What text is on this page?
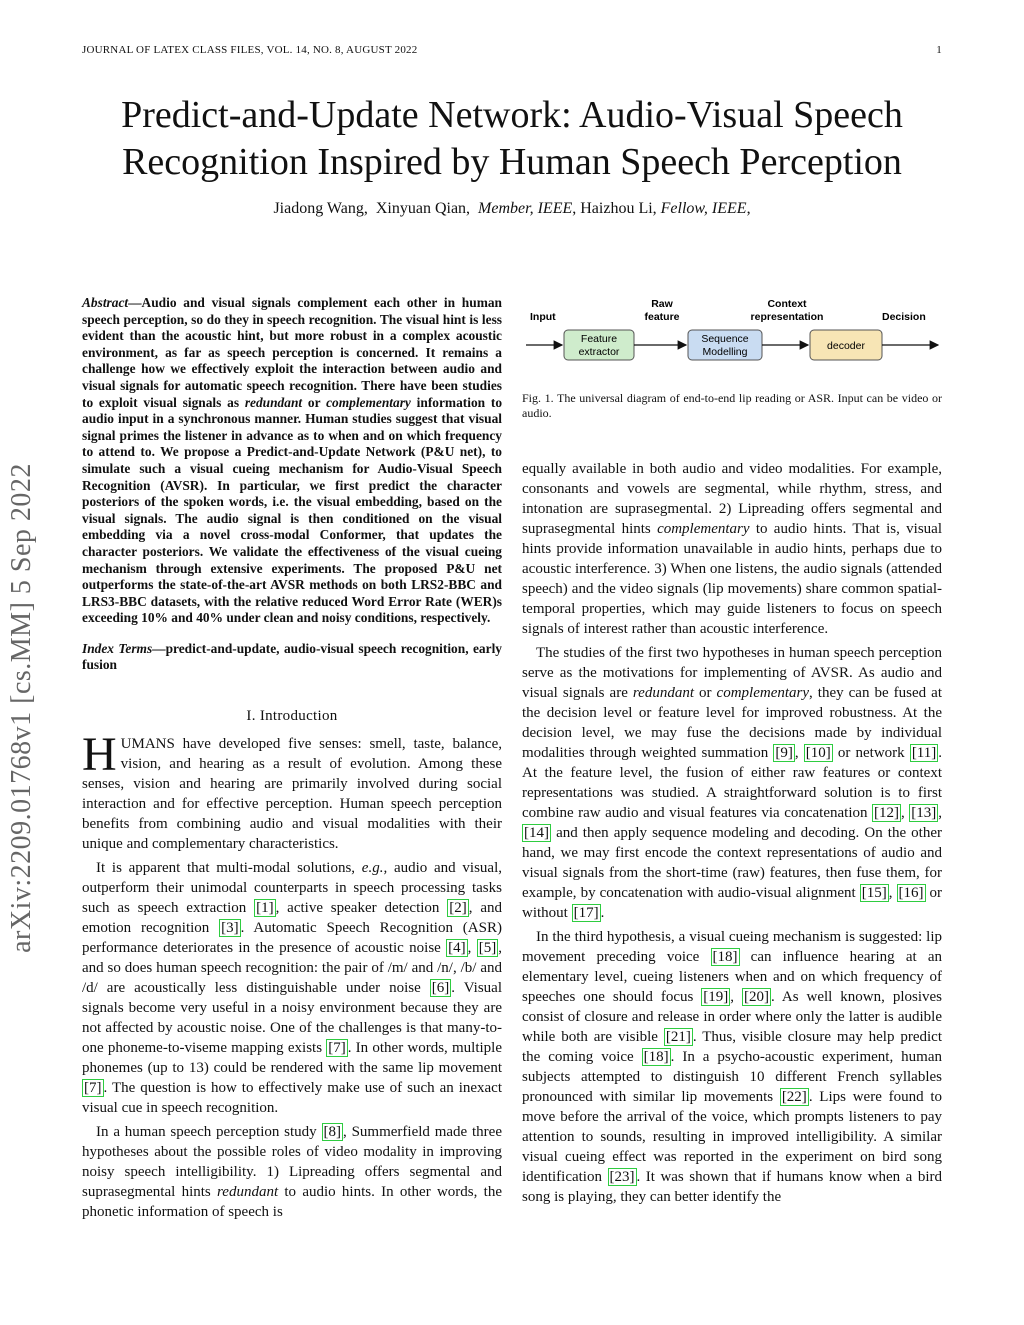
JOURNAL OF LATEX CLASS FILES, VOL. 14, NO. 8, AUGUST 2022	1
Predict-and-Update Network: Audio-Visual Speech
Recognition Inspired by Human Speech Perception
Jiadong Wang, Xinyuan Qian, Member, IEEE, Haizhou Li, Fellow, IEEE,
arXiv:2209.01768v1 [cs.MM] 5 Sep 2022
Abstract—Audio and visual signals complement each other in human speech perception, so do they in speech recognition. The visual hint is less evident than the acoustic hint, but more robust in a complex acoustic environment, as far as speech perception is concerned. It remains a challenge how we effectively exploit the interaction between audio and visual signals for automatic speech recognition. There have been studies to exploit visual signals as redundant or complementary information to audio input in a synchronous manner. Human studies suggest that visual signal primes the listener in advance as to when and on which frequency to attend to. We propose a Predict-and-Update Network (P&U net), to simulate such a visual cueing mechanism for Audio-Visual Speech Recognition (AVSR). In particular, we first predict the character posteriors of the spoken words, i.e. the visual embedding, based on the visual signals. The audio signal is then conditioned on the visual embedding via a novel cross-modal Conformer, that updates the character posteriors. We validate the effectiveness of the visual cueing mechanism through extensive experiments. The proposed P&U net outperforms the state-of-the-art AVSR methods on both LRS2-BBC and LRS3-BBC datasets, with the relative reduced Word Error Rate (WER)s exceeding 10% and 40% under clean and noisy conditions, respectively.
Index Terms—predict-and-update, audio-visual speech recognition, early fusion
I. Introduction
HUMANS have developed five senses: smell, taste, balance, vision, and hearing as a result of evolution. Among these senses, vision and hearing are primarily involved during social interaction and for effective perception. Human speech perception benefits from combining audio and visual modalities with their unique and complementary characteristics.
It is apparent that multi-modal solutions, e.g., audio and visual, outperform their unimodal counterparts in speech processing tasks such as speech extraction [1] , active speaker detection [2] , and emotion recognition [3] . Automatic Speech Recognition (ASR) performance deteriorates in the presence of acoustic noise [4] , [5] , and so does human speech recognition: the pair of /m/ and /n/, /b/ and /d/ are acoustically less distinguishable under noise [6] . Visual signals become very useful in a noisy environment because they are not affected by acoustic noise. One of the challenges is that many-to-one phoneme-to-viseme mapping exists [7] . In other words, multiple phonemes (up to 13) could be rendered with the same lip movement [7] . The question is how to effectively make use of such an inexact visual cue in speech recognition.
In a human speech perception study [8] , Summerfield made three hypotheses about the possible roles of video modality in improving noisy speech intelligibility. 1) Lipreading offers segmental and suprasegmental hints redundant to audio hints. In other words, the phonetic information of speech is
Input
Raw
feature
Context
representation	Decision
Feature
extractor
Sequence
Modelling	decoder
Fig. 1. The universal diagram of end-to-end lip reading or ASR. Input can be video or audio.
equally available in both audio and video modalities. For example, consonants and vowels are segmental, while rhythm, stress, and intonation are suprasegmental. 2) Lipreading offers segmental and suprasegmental hints complementary to audio hints. That is, visual hints provide information unavailable in audio hints, perhaps due to acoustic interference. 3) When one listens, the audio signals (attended speech) and the video signals (lip movements) share common spatial-temporal properties, which may guide listeners to focus on speech signals of interest rather than acoustic interference.
The studies of the first two hypotheses in human speech perception serve as the motivations for implementing of AVSR. As audio and visual signals are redundant or complementary, they can be fused at the decision level or feature level for improved robustness. At the decision level, we may fuse the decisions made by individual modalities through weighted summation [9] , [10] or network [11] . At the feature level, the fusion of either raw features or context representations was studied. A straightforward solution is to first combine raw audio and visual features via concatenation [12] , [13] , [14] and then apply sequence modeling and decoding. On the other hand, we may first encode the context representations of audio and visual signals from the short-time (raw) features, then fuse them, for example, by concatenation with audio-visual alignment [15] , [16] or without [17] .
In the third hypothesis, a visual cueing mechanism is suggested: lip movement preceding voice [18] can influence hearing at an elementary level, cueing listeners when and on which frequency of speeches one should focus [19] , [20] . As well known, plosives consist of closure and release in order where only the latter is audible while both are visible [21] . Thus, visible closure may help predict the coming voice [18] . In a psycho-acoustic experiment, human subjects attempted to distinguish 10 different French syllables pronounced with similar lip movements [22] . Lips were found to move before the arrival of the voice, which prompts listeners to pay attention to sounds, resulting in improved intelligibility. A similar visual cueing effect was reported in the experiment on bird song identification [23] . It was shown that if humans know when a bird song is playing, they can better identify the
